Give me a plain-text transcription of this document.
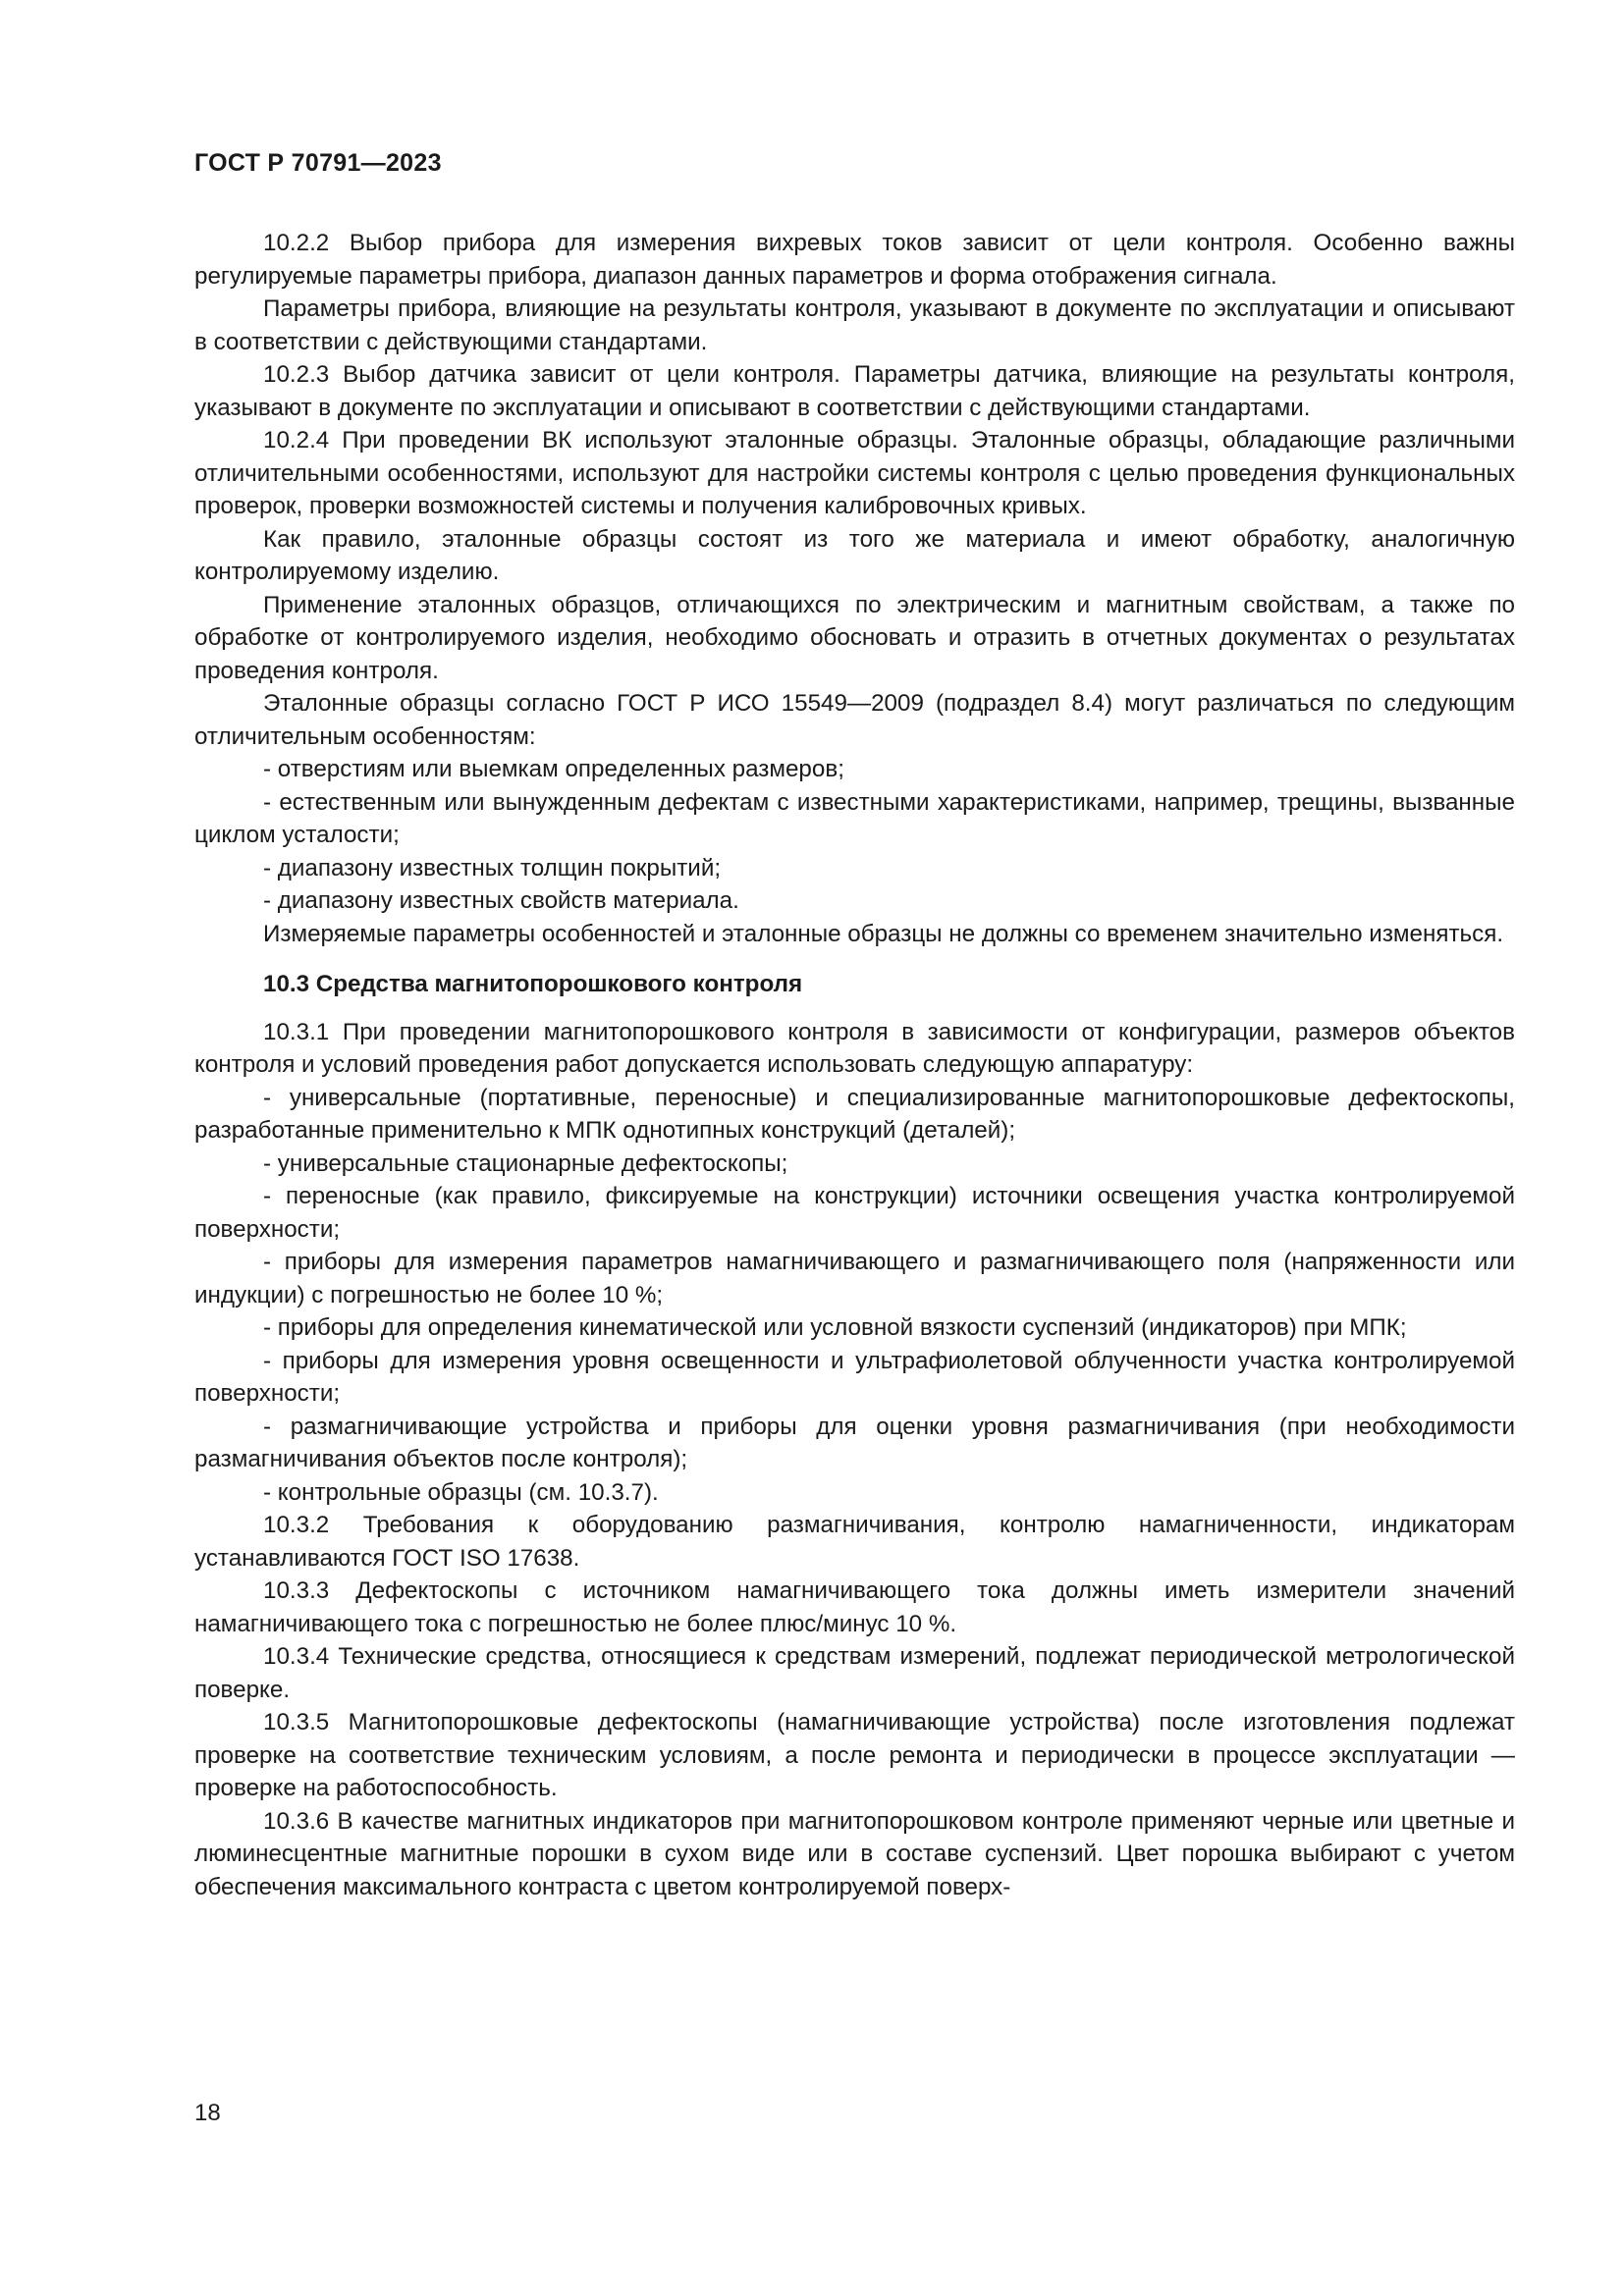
ГОСТ Р 70791—2023

10.2.2 Выбор прибора для измерения вихревых токов зависит от цели контроля. Особенно важны регулируемые параметры прибора, диапазон данных параметров и форма отображения сигнала.

Параметры прибора, влияющие на результаты контроля, указывают в документе по эксплуатации и описывают в соответствии с действующими стандартами.

10.2.3 Выбор датчика зависит от цели контроля. Параметры датчика, влияющие на результаты контроля, указывают в документе по эксплуатации и описывают в соответствии с действующими стандартами.

10.2.4 При проведении ВК используют эталонные образцы. Эталонные образцы, обладающие различными отличительными особенностями, используют для настройки системы контроля с целью проведения функциональных проверок, проверки возможностей системы и получения калибровочных кривых.

Как правило, эталонные образцы состоят из того же материала и имеют обработку, аналогичную контролируемому изделию.

Применение эталонных образцов, отличающихся по электрическим и магнитным свойствам, а также по обработке от контролируемого изделия, необходимо обосновать и отразить в отчетных документах о результатах проведения контроля.

Эталонные образцы согласно ГОСТ Р ИСО 15549—2009 (подраздел 8.4) могут различаться по следующим отличительным особенностям:

- отверстиям или выемкам определенных размеров;

- естественным или вынужденным дефектам с известными характеристиками, например, трещины, вызванные циклом усталости;

- диапазону известных толщин покрытий;

- диапазону известных свойств материала.

Измеряемые параметры особенностей и эталонные образцы не должны со временем значительно изменяться.

10.3 Средства магнитопорошкового контроля

10.3.1 При проведении магнитопорошкового контроля в зависимости от конфигурации, размеров объектов контроля и условий проведения работ допускается использовать следующую аппаратуру:

- универсальные (портативные, переносные) и специализированные магнитопорошковые дефектоскопы, разработанные применительно к МПК однотипных конструкций (деталей);

- универсальные стационарные дефектоскопы;

- переносные (как правило, фиксируемые на конструкции) источники освещения участка контролируемой поверхности;

- приборы для измерения параметров намагничивающего и размагничивающего поля (напряженности или индукции) с погрешностью не более 10 %;

- приборы для определения кинематической или условной вязкости суспензий (индикаторов) при МПК;

- приборы для измерения уровня освещенности и ультрафиолетовой облученности участка контролируемой поверхности;

- размагничивающие устройства и приборы для оценки уровня размагничивания (при необходимости размагничивания объектов после контроля);

- контрольные образцы (см. 10.3.7).

10.3.2 Требования к оборудованию размагничивания, контролю намагниченности, индикаторам устанавливаются ГОСТ ISO 17638.

10.3.3 Дефектоскопы с источником намагничивающего тока должны иметь измерители значений намагничивающего тока с погрешностью не более плюс/минус 10 %.

10.3.4 Технические средства, относящиеся к средствам измерений, подлежат периодической метрологической поверке.

10.3.5 Магнитопорошковые дефектоскопы (намагничивающие устройства) после изготовления подлежат проверке на соответствие техническим условиям, а после ремонта и периодически в процессе эксплуатации — проверке на работоспособность.

10.3.6 В качестве магнитных индикаторов при магнитопорошковом контроле применяют черные или цветные и люминесцентные магнитные порошки в сухом виде или в составе суспензий. Цвет порошка выбирают с учетом обеспечения максимального контраста с цветом контролируемой поверх-

18
